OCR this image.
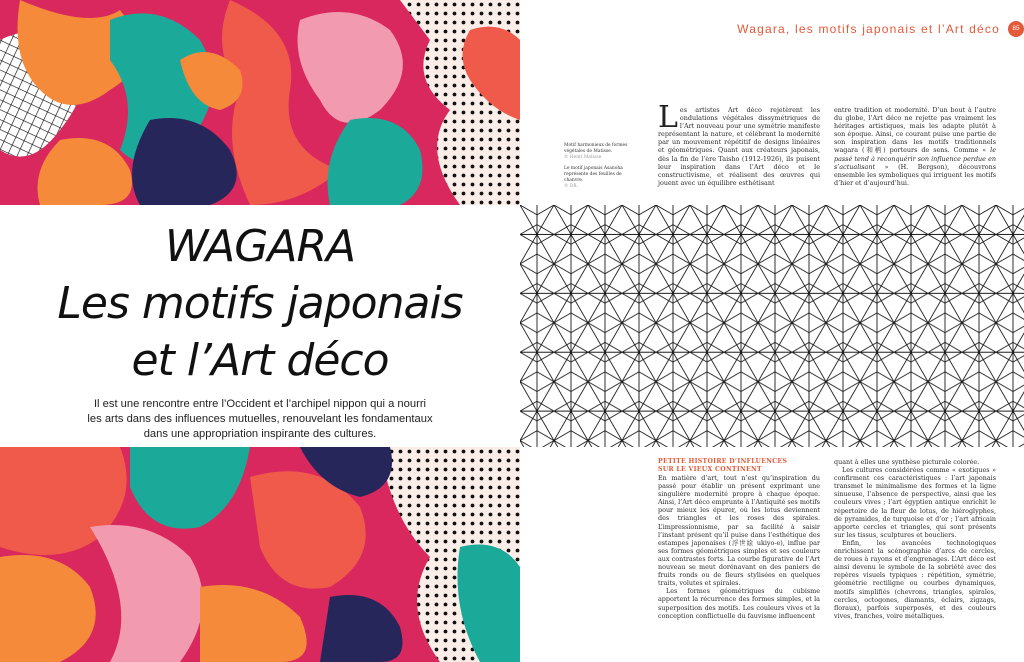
WAGARA
Les motifs japonais
et l’Art déco
Il est une rencontre entre l’Occident et l’archipel nippon qui a nourri
les arts dans des influences mutuelles, renouvelant les fondamentaux
dans une appropriation inspirante des cultures.
Wagara, les motifs japonais et l’Art déco	85

Motif harmonieux de formes végétales de Matisse.
© Henri Matisse

Le motif japonais Asanoha représente des feuilles de chanvre.
© DR.

Les artistes Art déco rejetèrent les ondulations végétales dissymétriques de l’Art nouveau pour une symétrie manifeste représentant la nature, et célébrant la modernité par un mouvement répétitif de designs linéaires et géométriques. Quant aux créateurs japonais, dès la fin de l’ère Taisho (1912-1926), ils puisent leur inspiration dans l’Art déco et le constructivisme, et réalisent des œuvres qui jouent avec un équilibre esthétisant

entre tradition et modernité. D’un bout à l’autre du globe, l’Art déco ne rejette pas vraiment les héritages artistiques, mais les adapte plutôt à son époque. Ainsi, ce courant puise une partie de son inspiration dans les motifs traditionnels wagara (和柄) porteurs de sens. Comme « le passé tend à reconquérir son influence perdue en s’actualisant » (H. Bergson), découvrons ensemble les symboliques qui irriguent les motifs d’hier et d’aujourd’hui.

PETITE HISTOIRE D’INFLUENCES
SUR LE VIEUX CONTINENT

En matière d’art, tout n’est qu’inspiration du passé pour établir un présent exprimant une singulière modernité propre à chaque époque. Ainsi, l’Art déco emprunte à l’Antiquité ses motifs pour mieux les épurer, où les lotus deviennent des triangles et les roses des spirales. L’impressionnisme, par sa facilité à saisir l’instant présent qu’il puise dans l’esthétique des estampes japonaises (浮世絵 ukiyo-e), influe par ses formes géométriques simples et ses couleurs aux contrastes forts. La courbe figurative de l’Art nouveau se meut dorénavant en des paniers de fruits ronds ou de fleurs stylisées en quelques traits, volutes et spirales.

Les formes géométriques du cubisme apportent la récurrence des formes simples, et la superposition des motifs. Les couleurs vives et la conception conflictuelle du fauvisme influencent

quant à elles une synthèse picturale colorée.

Les cultures considérées comme « exotiques » confirment ces caractéristiques : l’art japonais transmet le minimalisme des formes et la ligne sinueuse, l’absence de perspective, ainsi que les couleurs vives ; l’art égyptien antique enrichit le répertoire de la fleur de lotus, de hiéroglyphes, de pyramides, de turquoise et d’or ; l’art africain apporte cercles et triangles, qui sont présents sur les tissus, sculptures et boucliers.

Enfin, les avancées technologiques enrichissent la scénographie d’arcs de cercles, de roues à rayons et d’engrenages. L’Art déco est ainsi devenu le symbole de la sobriété avec des repères visuels typiques : répétition, symétrie, géométrie rectiligne ou courbes dynamiques, motifs simplifiés (chevrons, triangles, spirales, cercles, octogones, diamants, éclairs, zigzags, floraux), parfois superposés, et des couleurs vives, franches, voire métalliques.
